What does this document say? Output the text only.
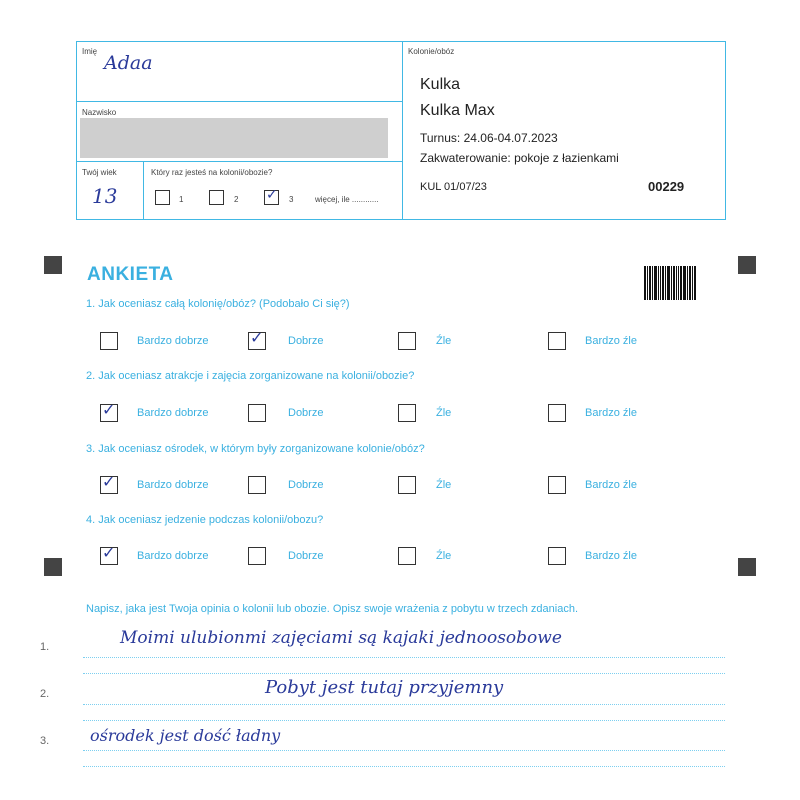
Imię
Adaa
Nazwisko
Twój wiek
13
Który raz jesteś na kolonii/obozie?
1	2 ✓ 3	więcej, ile ............
Kolonie/obóz
Kulka
Kulka Max
Turnus: 24.06-04.07.2023
Zakwaterowanie: pokoje z łazienkami
KUL 01/07/23	00229
ANKIETA
1. Jak oceniasz całą kolonię/obóz? (Podobało Ci się?)
Bardzo dobrze	✓ Dobrze	Źle	Bardzo źle
2. Jak oceniasz atrakcje i zajęcia zorganizowane na kolonii/obozie?
✓ Bardzo dobrze	Dobrze	Źle	Bardzo źle
3. Jak oceniasz ośrodek, w którym były zorganizowane kolonie/obóz?
✓ Bardzo dobrze	Dobrze	Źle	Bardzo źle
4. Jak oceniasz jedzenie podczas kolonii/obozu?
✓ Bardzo dobrze	Dobrze	Źle	Bardzo źle
Napisz, jaka jest Twoja opinia o kolonii lub obozie. Opisz swoje wrażenia z pobytu w trzech zdaniach.
1.	Moimi ulubionmi zajęciami są kajaki jednoosobowe
2.	Pobyt jest tutaj przyjemny
3.	ośrodek jest dość ładny
